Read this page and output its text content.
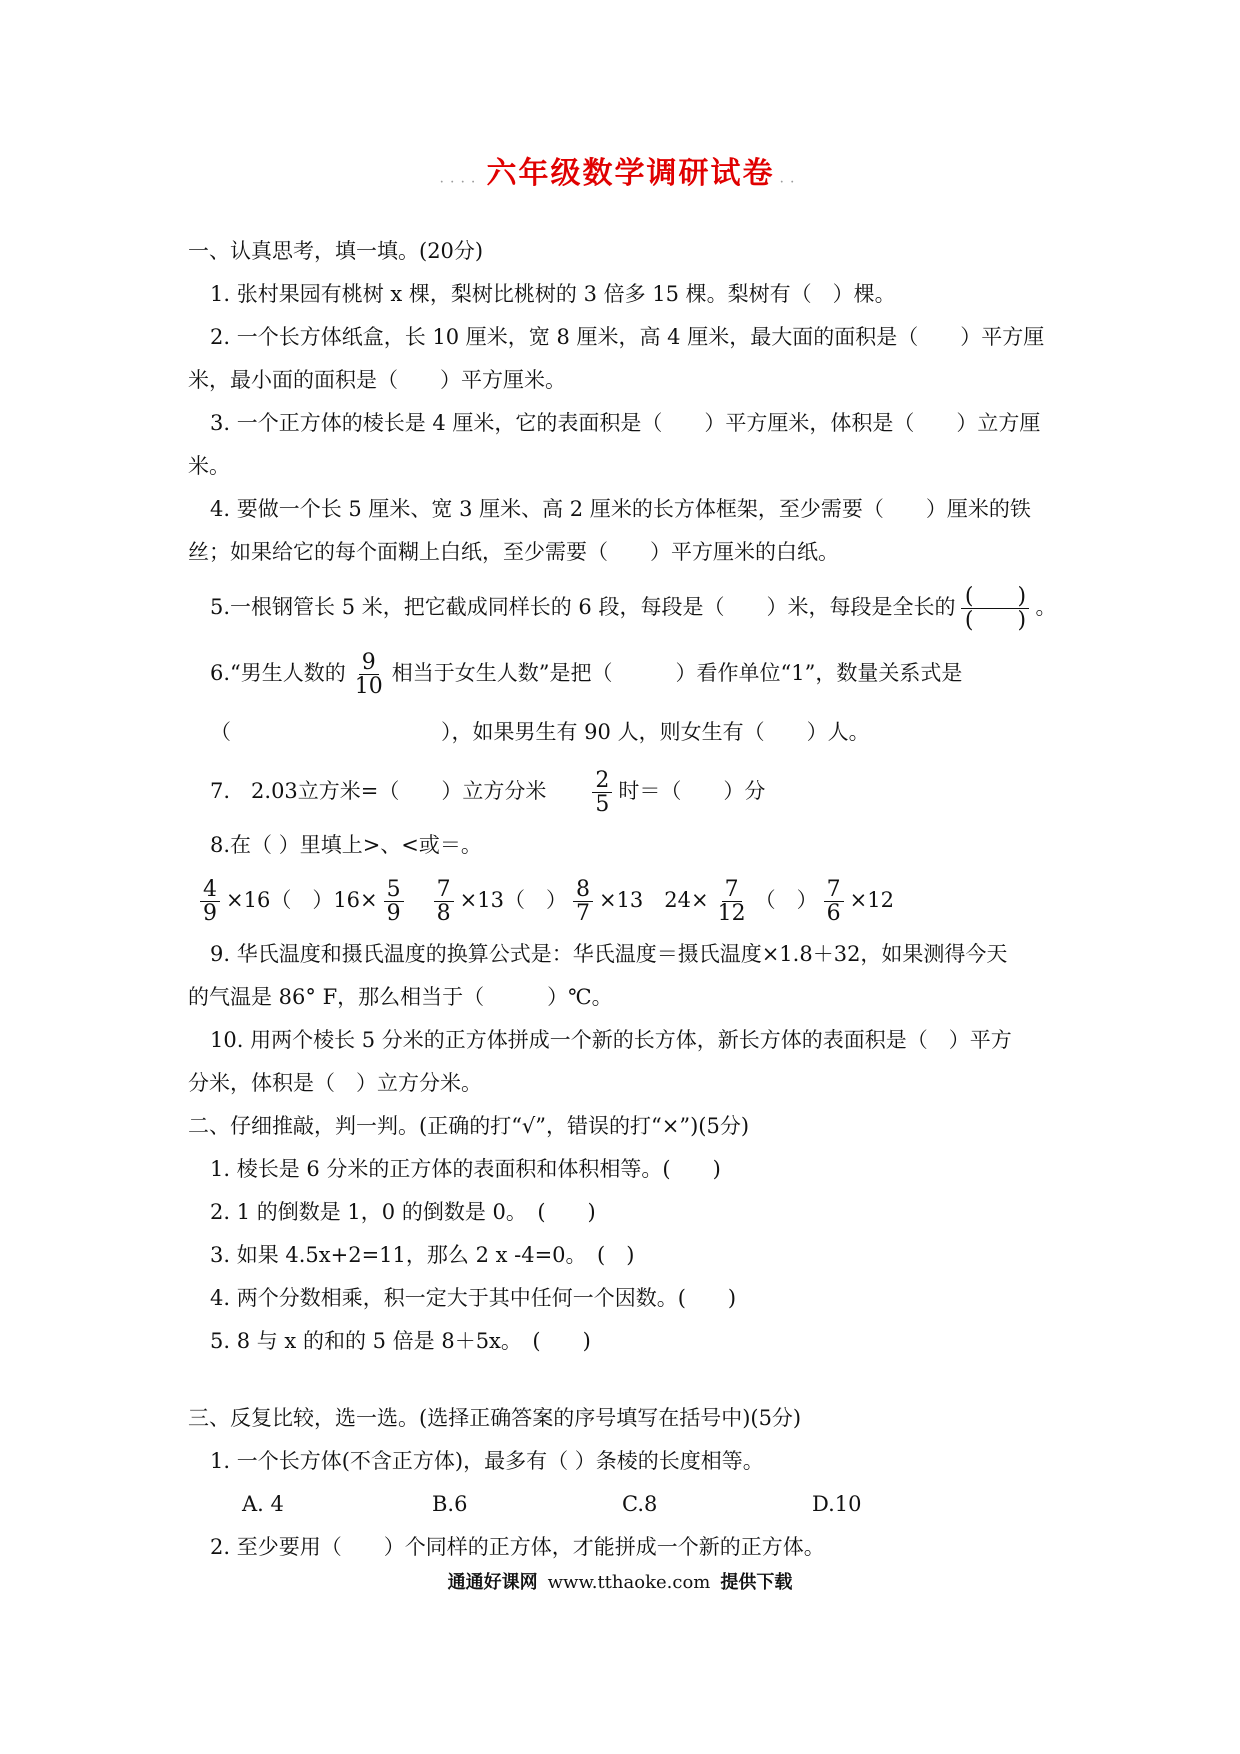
.... 六年级数学调研试卷 ..
一、认真思考，填一填。(20分)
1. 张村果园有桃树 x 棵，梨树比桃树的 3 倍多 15 棵。梨树有（　）棵。
2. 一个长方体纸盒，长 10 厘米，宽 8 厘米，高 4 厘米，最大面的面积是（　　）平方厘
米，最小面的面积是（　　）平方厘米。
3. 一个正方体的棱长是 4 厘米，它的表面积是（　　）平方厘米，体积是（　　）立方厘
米。
4. 要做一个长 5 厘米、宽 3 厘米、高 2 厘米的长方体框架，至少需要（　　）厘米的铁
丝；如果给它的每个面糊上白纸，至少需要（　　）平方厘米的白纸。
5.一根钢管长 5 米，把它截成同样长的 6 段，每段是（　　）米，每段是全长的 $\frac{( )}{( )}$ 。
6.“男生人数的 $\frac{9}{10}$ 相当于女生人数”是把（　　　）看作单位“1”，数量关系式是
（　　　　　　　　　　），如果男生有 90 人，则女生有（　　）人。
7.　2.03立方米=（　　）立方分米 $\frac{2}{5}$ 时＝（　　）分
8.在（ ）里填上>、<或＝。
$\frac{4}{9} \times 16$（　）$16\times \frac{5}{9} \frac{7}{8} \times 13$（　） $\frac{8}{7} \times 13$　$24\times \frac{7}{12}$ （　） $\frac{7}{6} \times 12$
9. 华氏温度和摄氏温度的换算公式是：华氏温度＝摄氏温度×1.8＋32，如果测得今天
的气温是 86° F，那么相当于（　　　）℃。
10. 用两个棱长 5 分米的正方体拼成一个新的长方体，新长方体的表面积是（　）平方
分米，体积是（　）立方分米。
二、仔细推敲，判一判。(正确的打“√”，错误的打“×”)(5分)
1. 棱长是 6 分米的正方体的表面积和体积相等。(　　)
2. 1 的倒数是 1，0 的倒数是 0。　(　　)
3. 如果 4.5x+2=11，那么 2 x -4=0。　(　)
4. 两个分数相乘，积一定大于其中任何一个因数。(　　)
5. 8 与 x 的和的 5 倍是 8＋5x。　(　　)
三、反复比较，选一选。(选择正确答案的序号填写在括号中)(5分)
1. 一个长方体(不含正方体)，最多有（ ）条棱的长度相等。
A. 4	B.6	C.8	D.10
2. 至少要用（　　）个同样的正方体，才能拼成一个新的正方体。
通通好课网 www.tthaoke.com 提供下载
